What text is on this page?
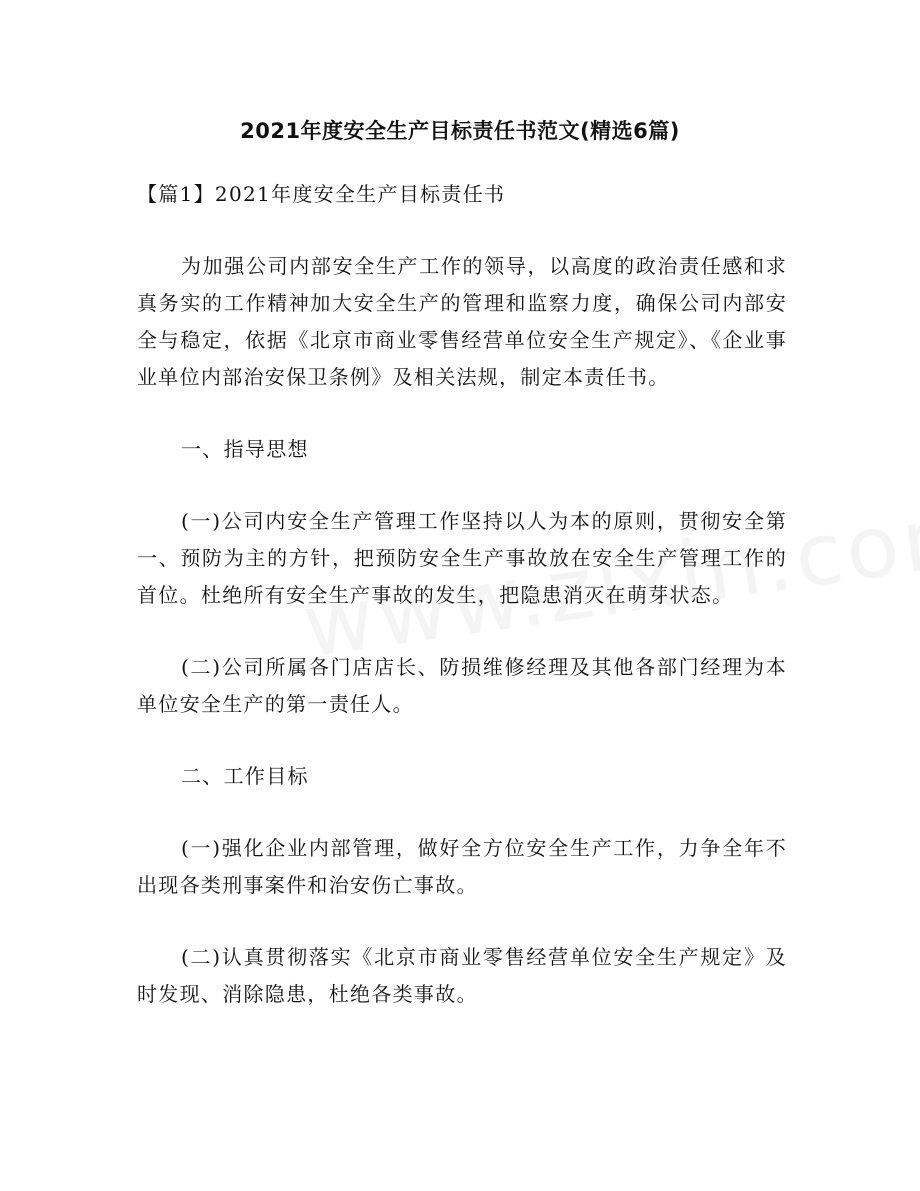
2021年度安全生产目标责任书范文(精选6篇)

【篇1】2021年度安全生产目标责任书

为加强公司内部安全生产工作的领导，以高度的政治责任感和求真务实的工作精神加大安全生产的管理和监察力度，确保公司内部安全与稳定，依据《北京市商业零售经营单位安全生产规定》、《企业事业单位内部治安保卫条例》及相关法规，制定本责任书。

一、指导思想

(一)公司内安全生产管理工作坚持以人为本的原则，贯彻安全第一、预防为主的方针，把预防安全生产事故放在安全生产管理工作的首位。杜绝所有安全生产事故的发生，把隐患消灭在萌芽状态。

(二)公司所属各门店店长、防损维修经理及其他各部门经理为本单位安全生产的第一责任人。

二、工作目标

(一)强化企业内部管理，做好全方位安全生产工作，力争全年不出现各类刑事案件和治安伤亡事故。

(二)认真贯彻落实《北京市商业零售经营单位安全生产规定》及时发现、消除隐患，杜绝各类事故。
